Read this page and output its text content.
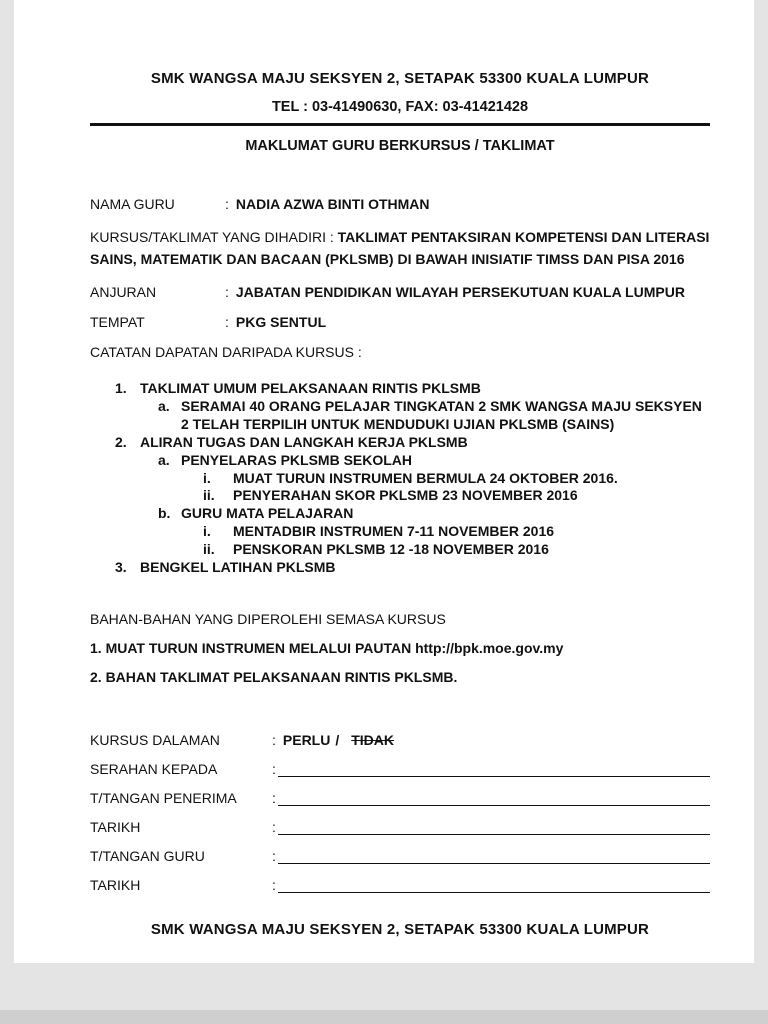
SMK WANGSA MAJU SEKSYEN 2, SETAPAK 53300 KUALA LUMPUR
TEL : 03-41490630, FAX: 03-41421428
MAKLUMAT GURU BERKURSUS / TAKLIMAT
NAMA GURU	: NADIA AZWA BINTI OTHMAN

KURSUS/TAKLIMAT YANG DIHADIRI : TAKLIMAT PENTAKSIRAN KOMPETENSI DAN LITERASI SAINS, MATEMATIK DAN BACAAN (PKLSMB) DI BAWAH INISIATIF TIMSS DAN PISA 2016

ANJURAN	: JABATAN PENDIDIKAN WILAYAH PERSEKUTUAN KUALA LUMPUR
TEMPAT	: PKG SENTUL
CATATAN DAPATAN DARIPADA KURSUS :
1. TAKLIMAT UMUM PELAKSANAAN RINTIS PKLSMB
a. SERAMAI 40 ORANG PELAJAR TINGKATAN 2 SMK WANGSA MAJU SEKSYEN 2 TELAH TERPILIH UNTUK MENDUDUKI UJIAN PKLSMB (SAINS)
2. ALIRAN TUGAS DAN LANGKAH KERJA PKLSMB
a. PENYELARAS PKLSMB SEKOLAH
i.	MUAT TURUN INSTRUMEN BERMULA 24 OKTOBER 2016.
ii.	PENYERAHAN SKOR PKLSMB 23 NOVEMBER 2016
b. GURU MATA PELAJARAN
i.	MENTADBIR INSTRUMEN 7-11 NOVEMBER 2016
ii.	PENSKORAN PKLSMB 12 -18 NOVEMBER 2016
3. BENGKEL LATIHAN PKLSMB
BAHAN-BAHAN YANG DIPEROLEHI SEMASA KURSUS
1. MUAT TURUN INSTRUMEN MELALUI PAUTAN http://bpk.moe.gov.my
2. BAHAN TAKLIMAT PELAKSANAAN RINTIS PKLSMB.
KURSUS DALAMAN	: PERLU / TIDAK
SERAHAN KEPADA	:
T/TANGAN PENERIMA	:
TARIKH	:
T/TANGAN GURU	:
TARIKH	:
SMK WANGSA MAJU SEKSYEN 2, SETAPAK 53300 KUALA LUMPUR
